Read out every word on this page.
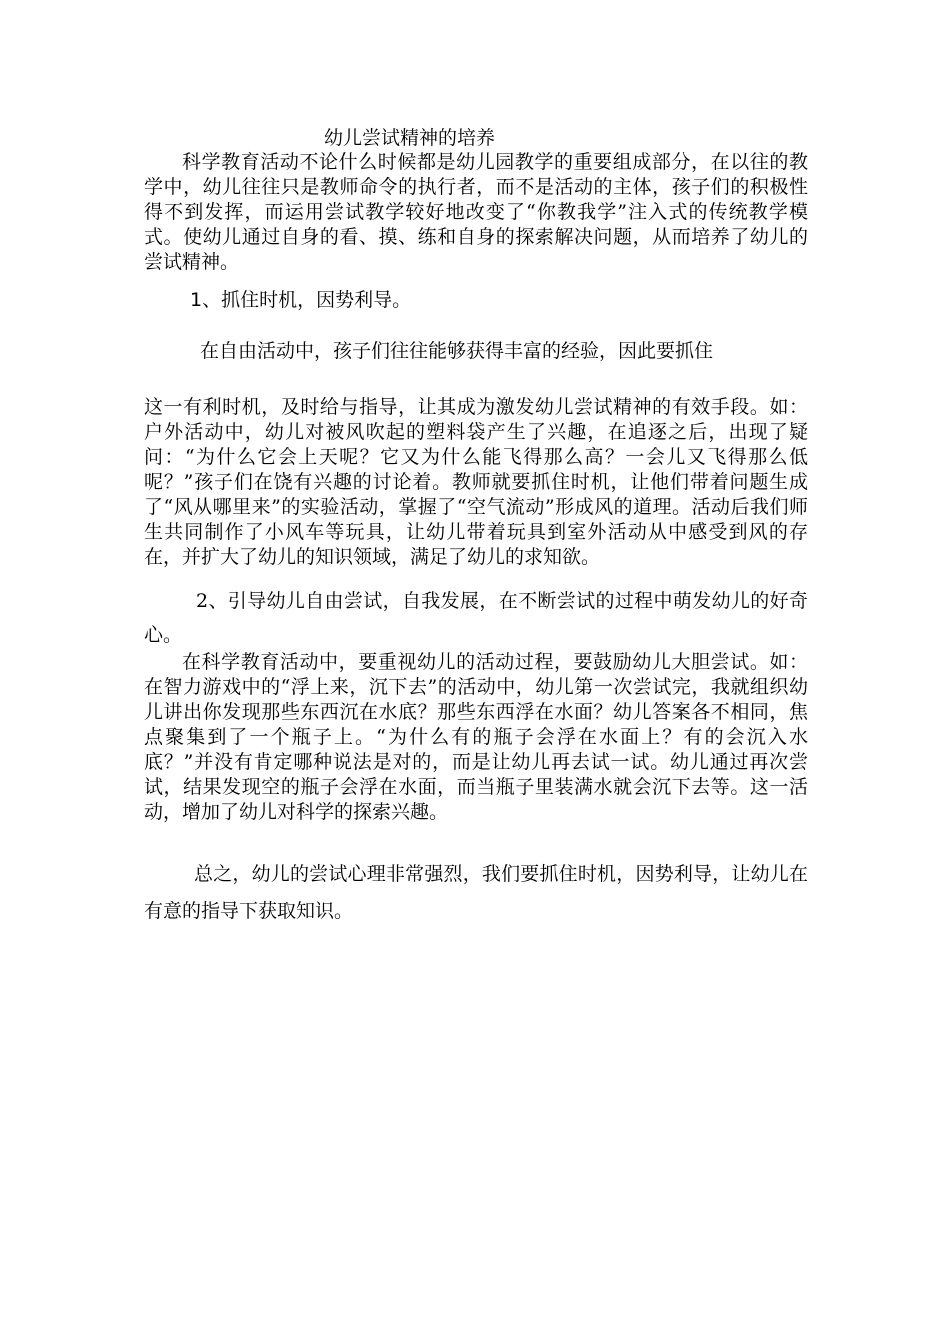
幼儿尝试精神的培养

科学教育活动不论什么时候都是幼儿园教学的重要组成部分，在以往的教学中，幼儿往往只是教师命令的执行者，而不是活动的主体，孩子们的积极性得不到发挥，而运用尝试教学较好地改变了“你教我学”注入式的传统教学模式。使幼儿通过自身的看、摸、练和自身的探索解决问题，从而培养了幼儿的尝试精神。

1、抓住时机，因势利导。

在自由活动中，孩子们往往能够获得丰富的经验，因此要抓住

这一有利时机，及时给与指导，让其成为激发幼儿尝试精神的有效手段。如：户外活动中，幼儿对被风吹起的塑料袋产生了兴趣，在追逐之后，出现了疑问：“为什么它会上天呢？它又为什么能飞得那么高？一会儿又飞得那么低呢？”孩子们在饶有兴趣的讨论着。教师就要抓住时机，让他们带着问题生成了“风从哪里来”的实验活动，掌握了“空气流动”形成风的道理。活动后我们师生共同制作了小风车等玩具，让幼儿带着玩具到室外活动从中感受到风的存在，并扩大了幼儿的知识领域，满足了幼儿的求知欲。

2、引导幼儿自由尝试，自我发展，在不断尝试的过程中萌发幼儿的好奇心。

在科学教育活动中，要重视幼儿的活动过程，要鼓励幼儿大胆尝试。如：在智力游戏中的“浮上来，沉下去”的活动中，幼儿第一次尝试完，我就组织幼儿讲出你发现那些东西沉在水底？那些东西浮在水面？幼儿答案各不相同，焦点聚集到了一个瓶子上。“为什么有的瓶子会浮在水面上？有的会沉入水底？”并没有肯定哪种说法是对的，而是让幼儿再去试一试。幼儿通过再次尝试，结果发现空的瓶子会浮在水面，而当瓶子里装满水就会沉下去等。这一活动，增加了幼儿对科学的探索兴趣。

总之，幼儿的尝试心理非常强烈，我们要抓住时机，因势利导，让幼儿在有意的指导下获取知识。
